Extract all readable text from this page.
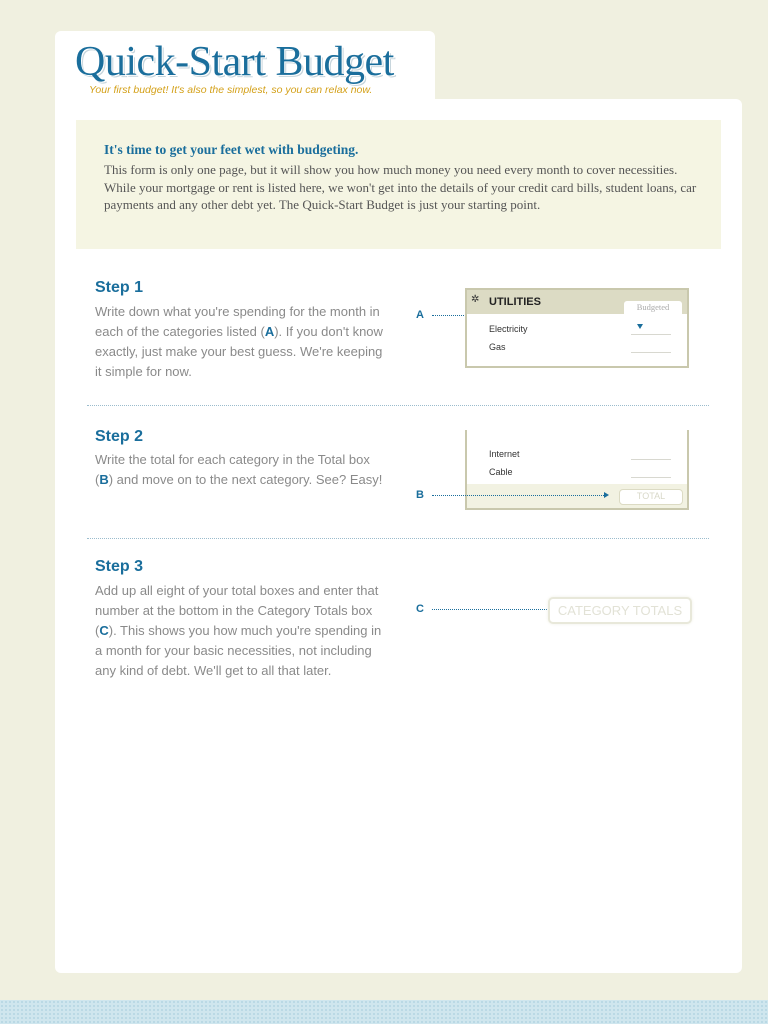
Quick-Start Budget
Your first budget! It's also the simplest, so you can relax now.
It's time to get your feet wet with budgeting.
This form is only one page, but it will show you how much money you need every month to cover necessities. While your mortgage or rent is listed here, we won't get into the details of your credit card bills, student loans, car payments and any other debt yet. The Quick-Start Budget is just your starting point.
Step 1
Write down what you're spending for the month in each of the categories listed (A). If you don't know exactly, just make your best guess. We're keeping it simple for now.
A
✲ UTILITIES	Budgeted
Electricity
Gas
Step 2
Write the total for each category in the Total box (B) and move on to the next category. See? Easy!
Internet
Cable
TOTAL
B
Step 3
Add up all eight of your total boxes and enter that number at the bottom in the Category Totals box (C). This shows you how much you're spending in a month for your basic necessities, not including any kind of debt. We'll get to all that later.
C	CATEGORY TOTALS
